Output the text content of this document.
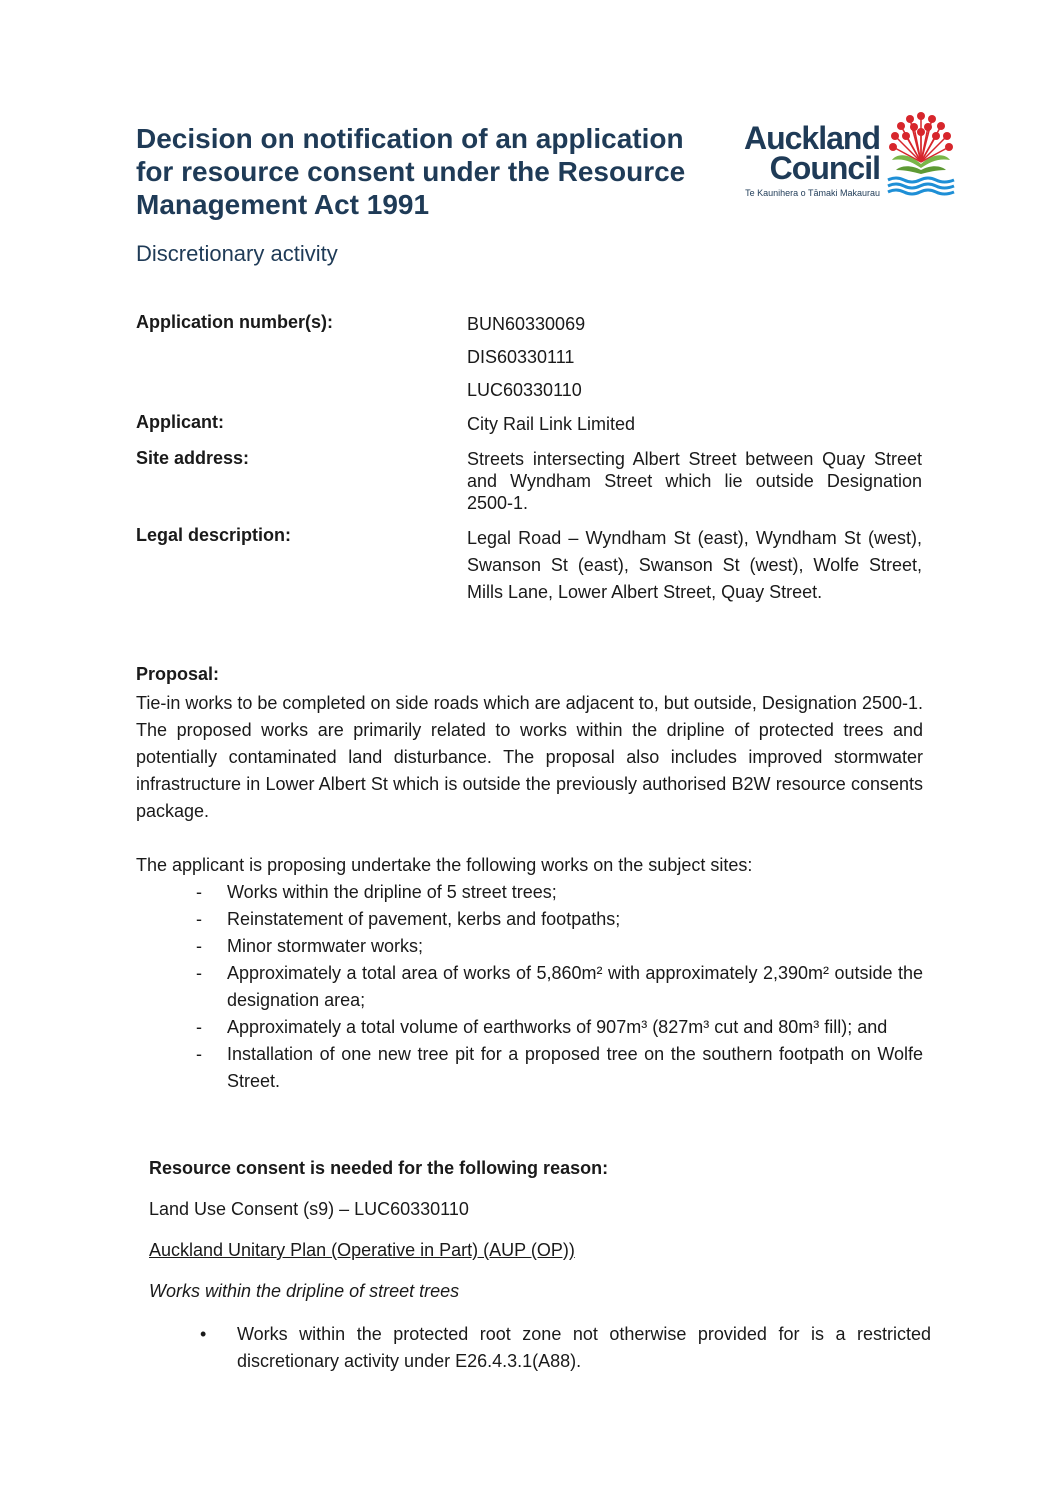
Decision on notification of an application for resource consent under the Resource Management Act 1991
Auckland
Council
Te Kaunihera o Tāmaki Makaurau
Discretionary activity
Application number(s):	BUN60330069
DIS60330111
LUC60330110
Applicant:	City Rail Link Limited
Site address:	Streets intersecting Albert Street between Quay Street and Wyndham Street which lie outside Designation 2500-1.
Legal description:	Legal Road – Wyndham St (east), Wyndham St (west), Swanson St (east), Swanson St (west), Wolfe Street, Mills Lane, Lower Albert Street, Quay Street.
Proposal:
Tie-in works to be completed on side roads which are adjacent to, but outside, Designation 2500-1. The proposed works are primarily related to works within the dripline of protected trees and potentially contaminated land disturbance. The proposal also includes improved stormwater infrastructure in Lower Albert St which is outside the previously authorised B2W resource consents package.
The applicant is proposing undertake the following works on the subject sites:
- Works within the dripline of 5 street trees;
- Reinstatement of pavement, kerbs and footpaths;
- Minor stormwater works;
- Approximately a total area of works of 5,860m² with approximately 2,390m² outside the designation area;
- Approximately a total volume of earthworks of 907m³ (827m³ cut and 80m³ fill); and
- Installation of one new tree pit for a proposed tree on the southern footpath on Wolfe Street.
Resource consent is needed for the following reason:
Land Use Consent (s9) – LUC60330110
Auckland Unitary Plan (Operative in Part) (AUP (OP))
Works within the dripline of street trees
• Works within the protected root zone not otherwise provided for is a restricted discretionary activity under E26.4.3.1(A88).
